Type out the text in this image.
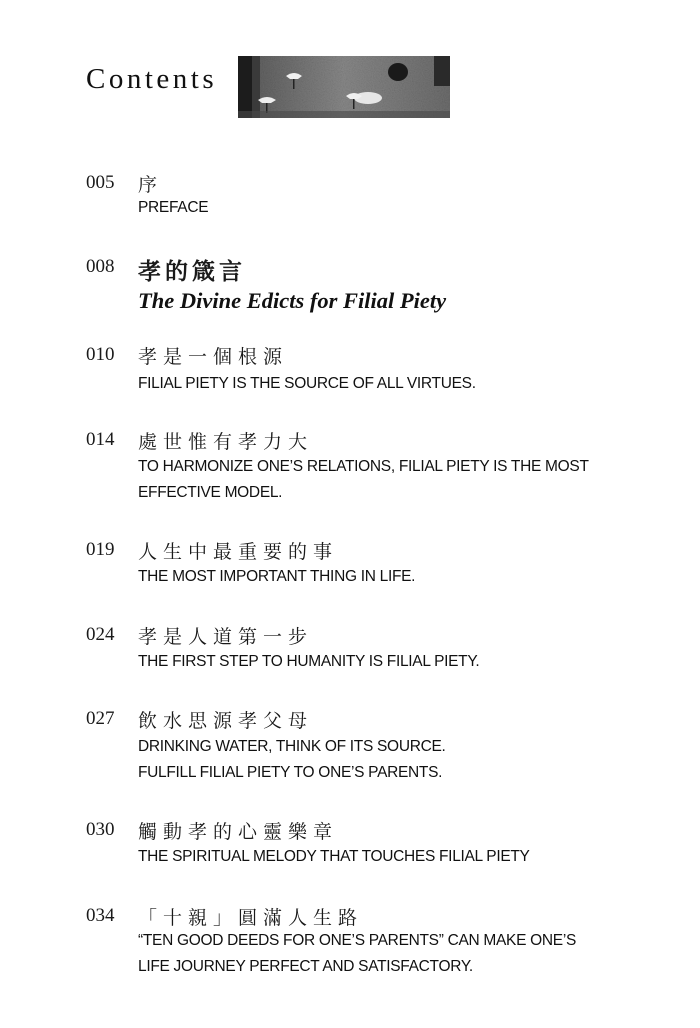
Contents
005 序
PREFACE
008 孝的箴言
The Divine Edicts for Filial Piety
010 孝是一個根源
FILIAL PIETY IS THE SOURCE OF ALL VIRTUES.
014 處世惟有孝力大
TO HARMONIZE ONE’S RELATIONS, FILIAL PIETY IS THE MOST
EFFECTIVE MODEL.
019 人生中最重要的事
THE MOST IMPORTANT THING IN LIFE.
024 孝是人道第一步
THE FIRST STEP TO HUMANITY IS FILIAL PIETY.
027 飲水思源孝父母
DRINKING WATER, THINK OF ITS SOURCE.
FULFILL FILIAL PIETY TO ONE’S PARENTS.
030 觸動孝的心靈樂章
THE SPIRITUAL MELODY THAT TOUCHES FILIAL PIETY
034 「十親」圓滿人生路
“TEN GOOD DEEDS FOR ONE’S PARENTS” CAN MAKE ONE’S
LIFE JOURNEY PERFECT AND SATISFACTORY.
